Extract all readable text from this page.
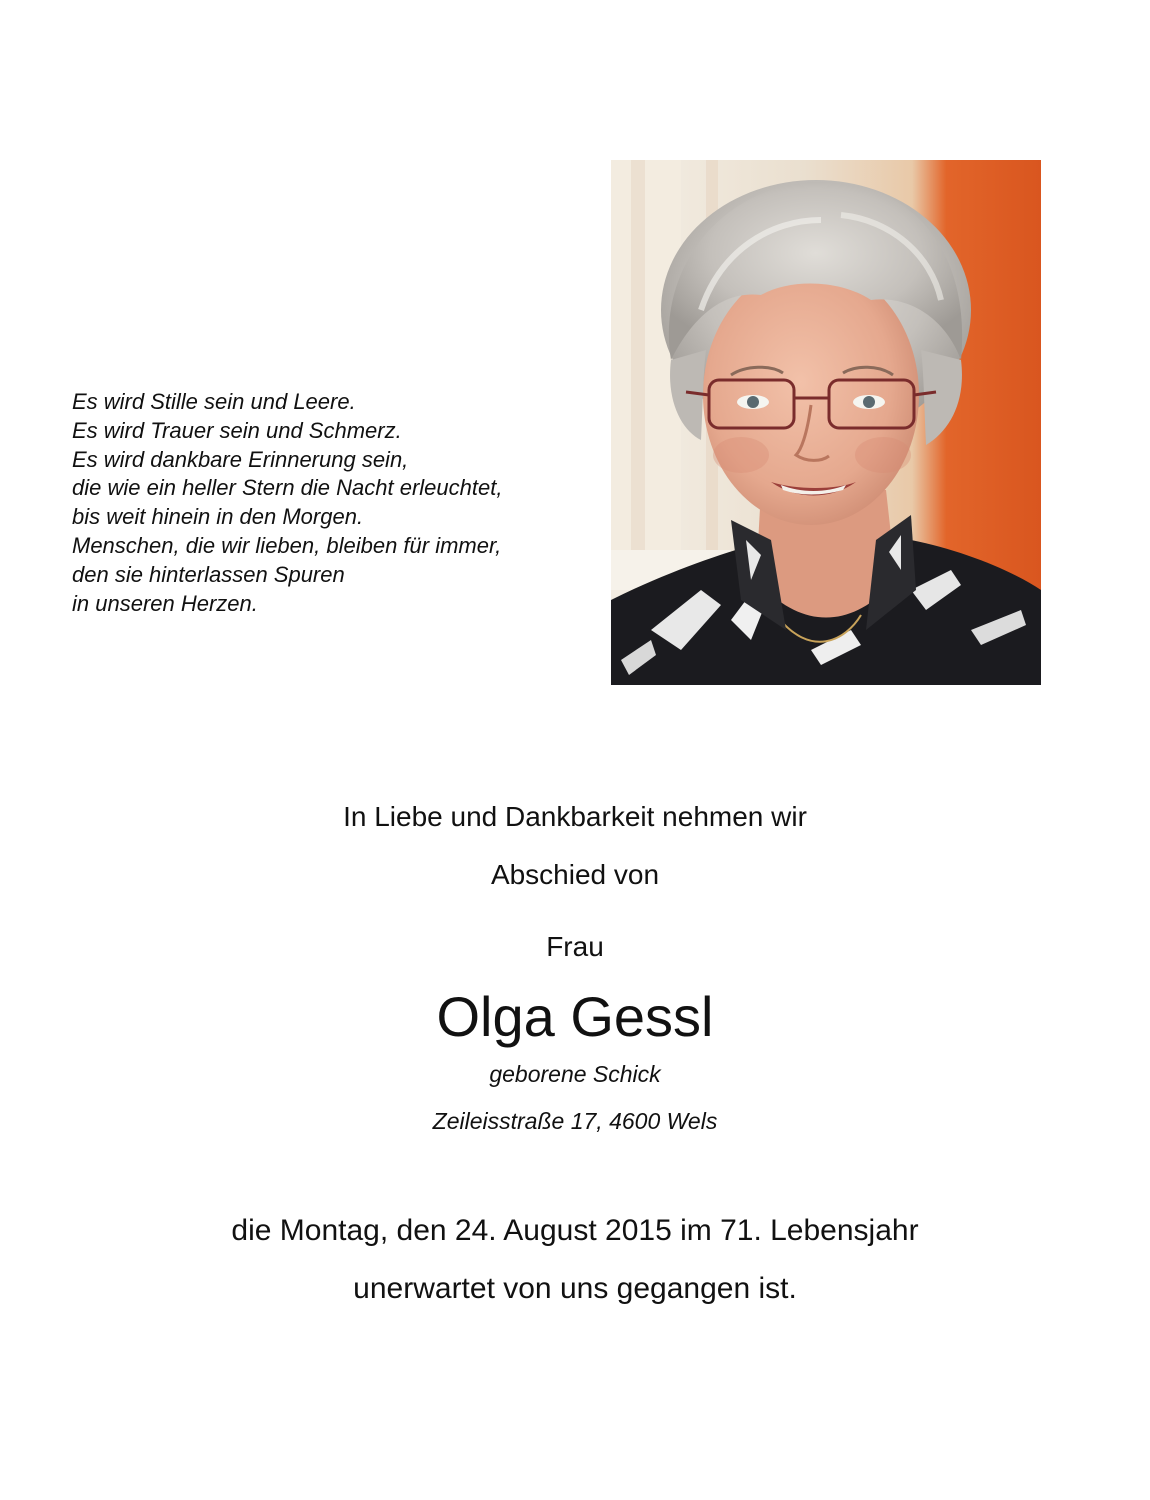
Es wird Stille sein und Leere.
Es wird Trauer sein und Schmerz.
Es wird dankbare Erinnerung sein,
die wie ein heller Stern die Nacht erleuchtet,
bis weit hinein in den Morgen.
Menschen, die wir lieben, bleiben für immer,
den sie hinterlassen Spuren
in unseren Herzen.
In Liebe und Dankbarkeit nehmen wir
Abschied von
Frau
Olga Gessl
geborene Schick
Zeileisstraße 17, 4600 Wels
die Montag, den 24. August 2015 im 71. Lebensjahr
unerwartet von uns gegangen ist.
